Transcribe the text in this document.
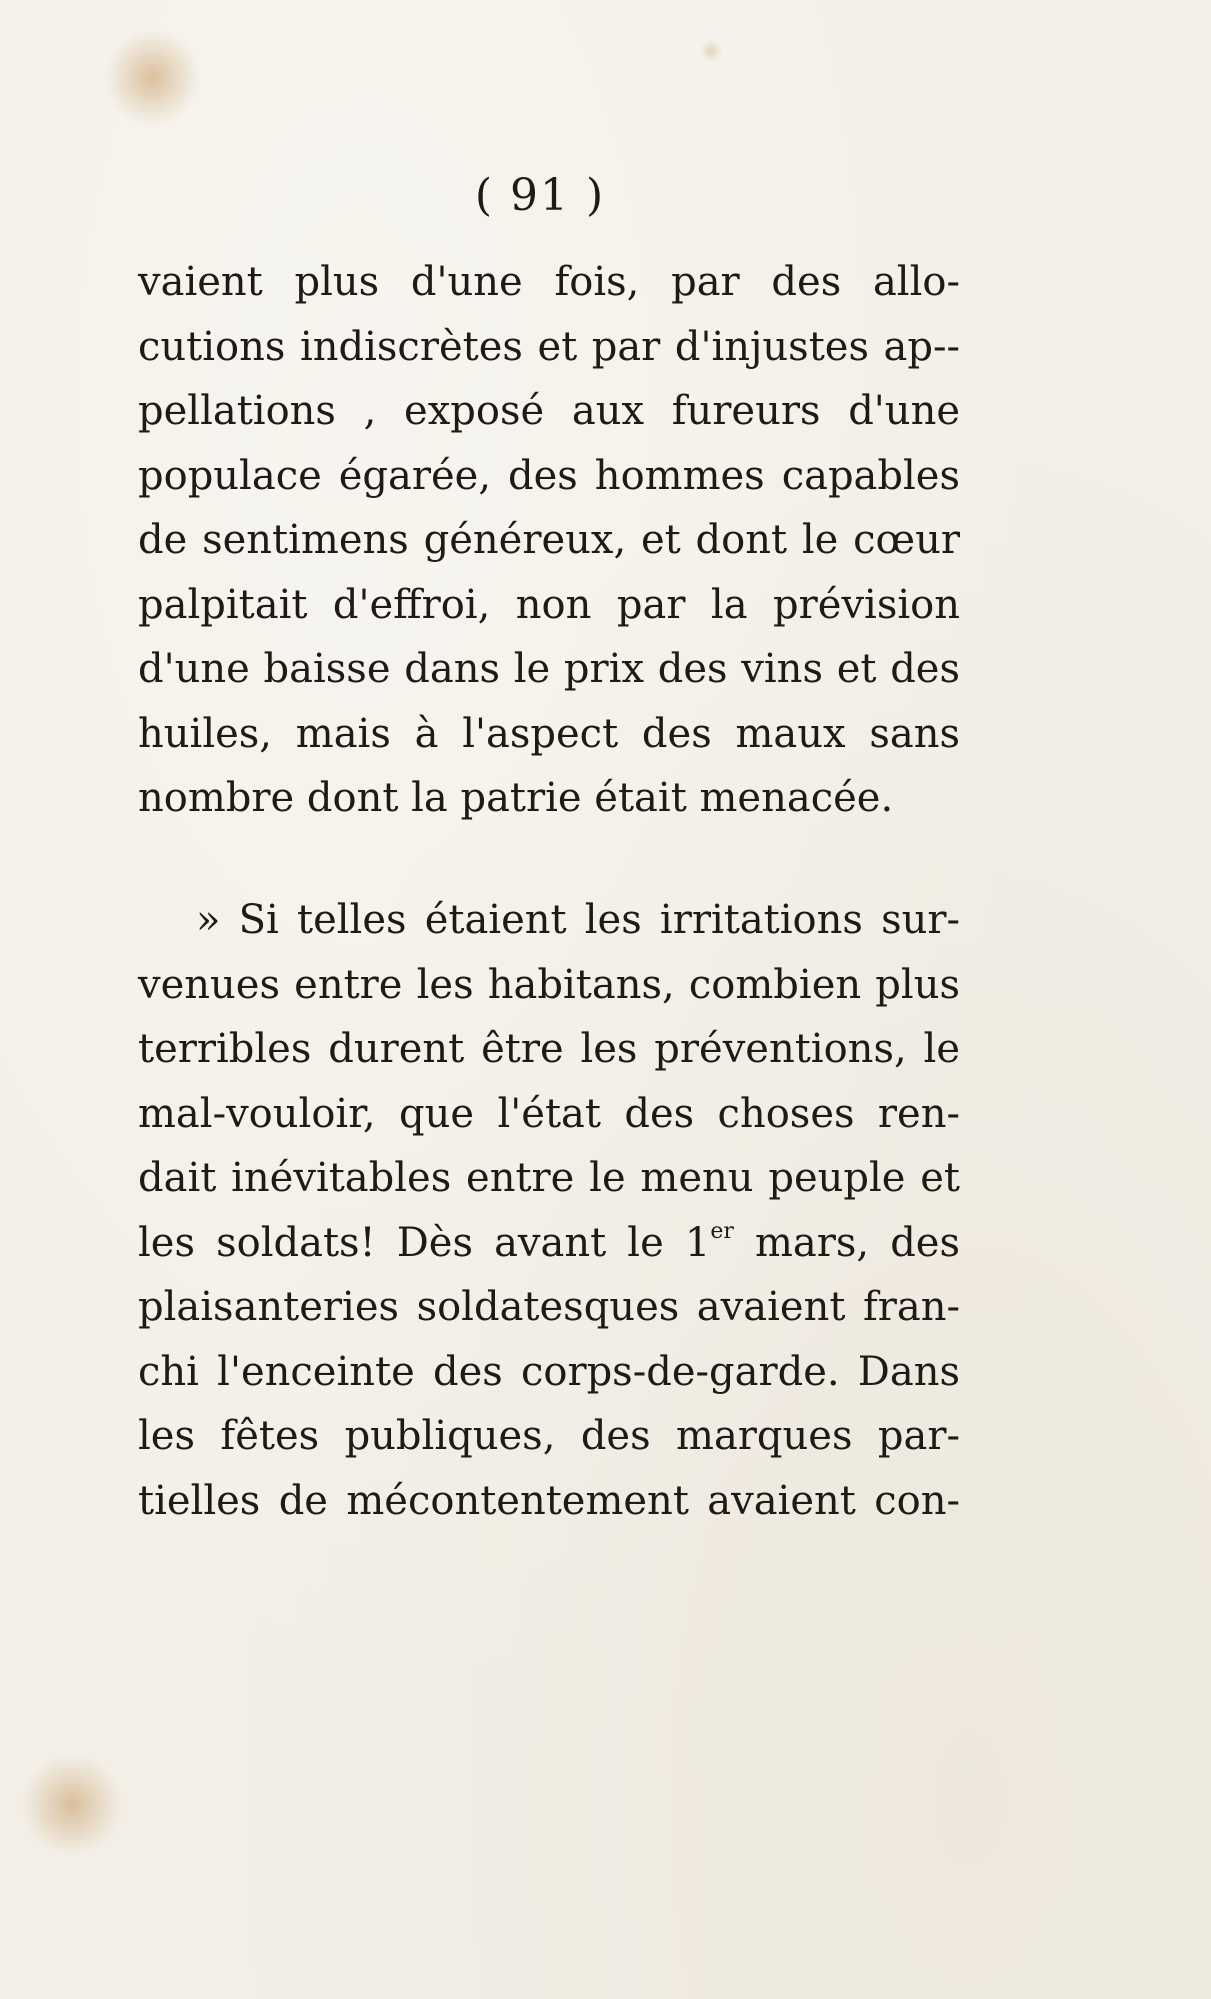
( 91 )
vaient plus d'une fois, par des allo-
cutions indiscrètes et par d'injustes ap--
pellations , exposé aux fureurs d'une
populace égarée, des hommes capables
de sentimens généreux, et dont le cœur
palpitait d'effroi, non par la prévision
d'une baisse dans le prix des vins et des
huiles, mais à l'aspect des maux sans
nombre dont la patrie était menacée.
» Si telles étaient les irritations sur-
venues entre les habitans, combien plus
terribles durent être les préventions, le
mal-vouloir, que l'état des choses ren-
dait inévitables entre le menu peuple et
les soldats! Dès avant le 1er mars, des
plaisanteries soldatesques avaient fran-
chi l'enceinte des corps-de-garde. Dans
les fêtes publiques, des marques par-
tielles de mécontentement avaient con-
